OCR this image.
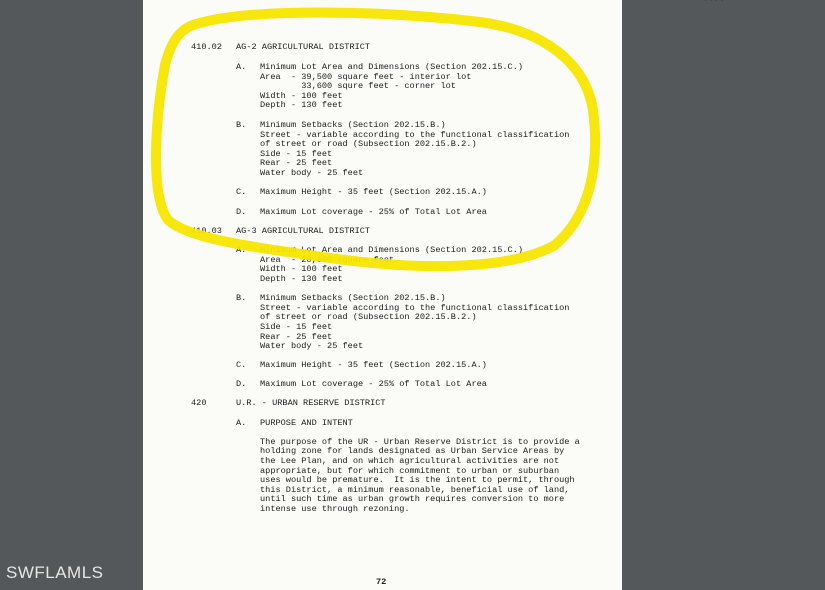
410.02 AG-2 AGRICULTURAL DISTRICT
A. Minimum Lot Area and Dimensions (Section 202.15.C.)
Area  - 39,500 square feet - interior lot
33,600 squre feet - corner lot
Width - 100 feet
Depth - 130 feet
B. Minimum Setbacks (Section 202.15.B.)
Street - variable according to the functional classification
of street or road (Subsection 202.15.B.2.)
Side - 15 feet
Rear - 25 feet
Water body - 25 feet
C. Maximum Height - 35 feet (Section 202.15.A.)
D. Maximum Lot coverage - 25% of Total Lot Area
410.03 AG-3 AGRICULTURAL DISTRICT
A. Minimum Lot Area and Dimensions (Section 202.15.C.)
Area  - 20,000 square feet
Width - 100 feet
Depth - 130 feet
B. Minimum Setbacks (Section 202.15.B.)
Street - variable according to the functional classification
of street or road (Subsection 202.15.B.2.)
Side - 15 feet
Rear - 25 feet
Water body - 25 feet
C. Maximum Height - 35 feet (Section 202.15.A.)
D. Maximum Lot coverage - 25% of Total Lot Area
420	U.R. - URBAN RESERVE DISTRICT
A. PURPOSE AND INTENT
The purpose of the UR - Urban Reserve District is to provide a
holding zone for lands designated as Urban Service Areas by
the Lee Plan, and on which agricultural activities are not
appropriate, but for which commitment to urban or suburban
uses would be premature.  It is the intent to permit, through
this District, a minimum reasonable, beneficial use of land,
until such time as urban growth requires conversion to more
intense use through rezoning.
72
SWFLAMLS
